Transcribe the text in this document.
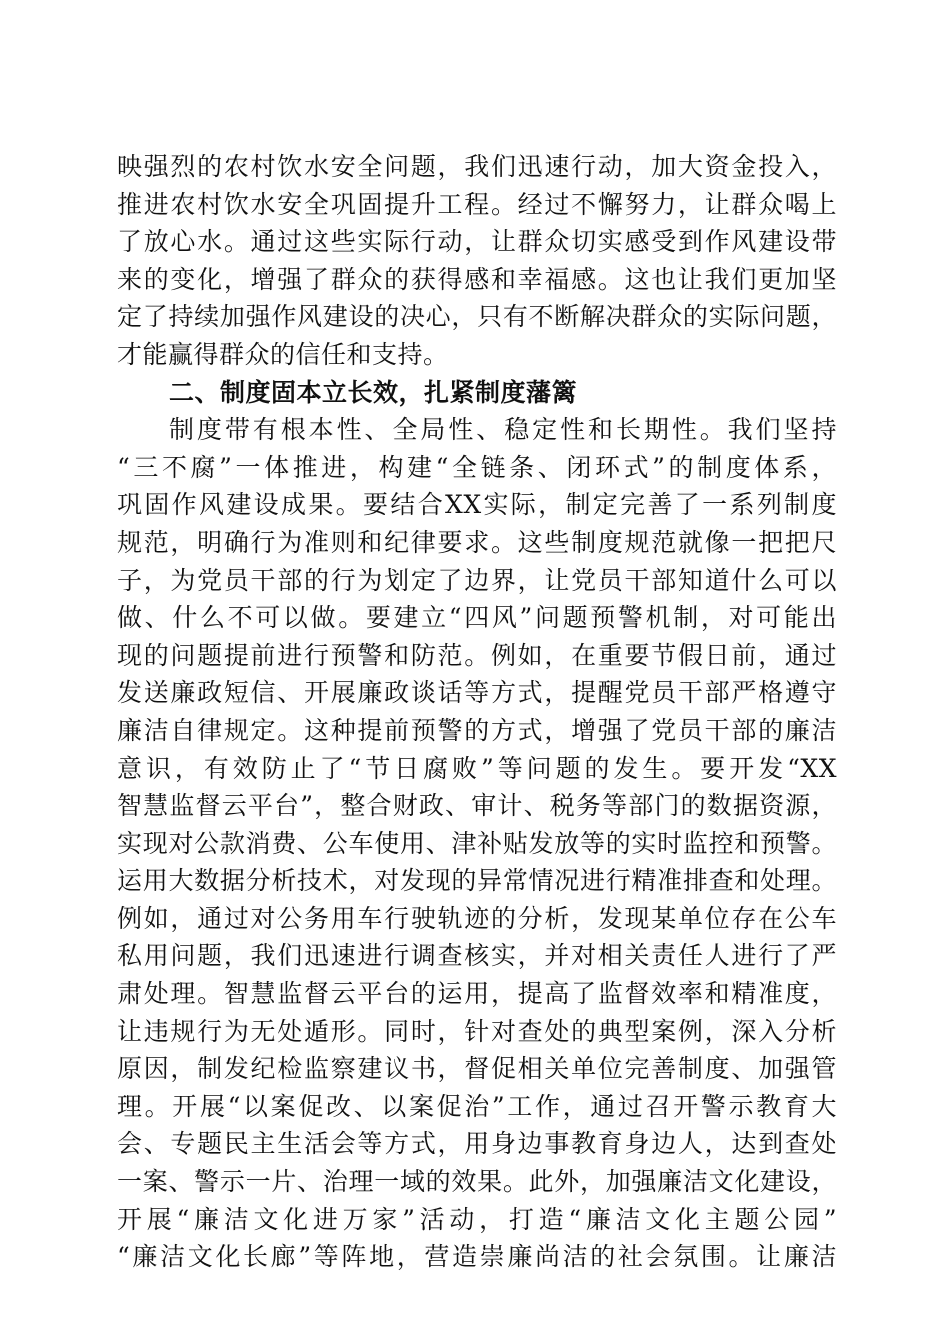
映强烈的农村饮水安全问题，我们迅速行动，加大资金投入，
推进农村饮水安全巩固提升工程。经过不懈努力，让群众喝上
了放心水。通过这些实际行动，让群众切实感受到作风建设带
来的变化，增强了群众的获得感和幸福感。这也让我们更加坚
定了持续加强作风建设的决心，只有不断解决群众的实际问题，
才能赢得群众的信任和支持。
二、制度固本立长效，扎紧制度藩篱
制度带有根本性、全局性、稳定性和长期性。我们坚持
“三不腐”一体推进，构建“全链条、闭环式”的制度体系，
巩固作风建设成果。要结合XX实际，制定完善了一系列制度
规范，明确行为准则和纪律要求。这些制度规范就像一把把尺
子，为党员干部的行为划定了边界，让党员干部知道什么可以
做、什么不可以做。要建立“四风”问题预警机制，对可能出
现的问题提前进行预警和防范。例如，在重要节假日前，通过
发送廉政短信、开展廉政谈话等方式，提醒党员干部严格遵守
廉洁自律规定。这种提前预警的方式，增强了党员干部的廉洁
意识，有效防止了“节日腐败”等问题的发生。要开发“XX
智慧监督云平台”，整合财政、审计、税务等部门的数据资源，
实现对公款消费、公车使用、津补贴发放等的实时监控和预警。
运用大数据分析技术，对发现的异常情况进行精准排查和处理。
例如，通过对公务用车行驶轨迹的分析，发现某单位存在公车
私用问题，我们迅速进行调查核实，并对相关责任人进行了严
肃处理。智慧监督云平台的运用，提高了监督效率和精准度，
让违规行为无处遁形。同时，针对查处的典型案例，深入分析
原因，制发纪检监察建议书，督促相关单位完善制度、加强管
理。开展“以案促改、以案促治”工作，通过召开警示教育大
会、专题民主生活会等方式，用身边事教育身边人，达到查处
一案、警示一片、治理一域的效果。此外，加强廉洁文化建设，
开展“廉洁文化进万家”活动，打造“廉洁文化主题公园”
“廉洁文化长廊”等阵地，营造崇廉尚洁的社会氛围。让廉洁
